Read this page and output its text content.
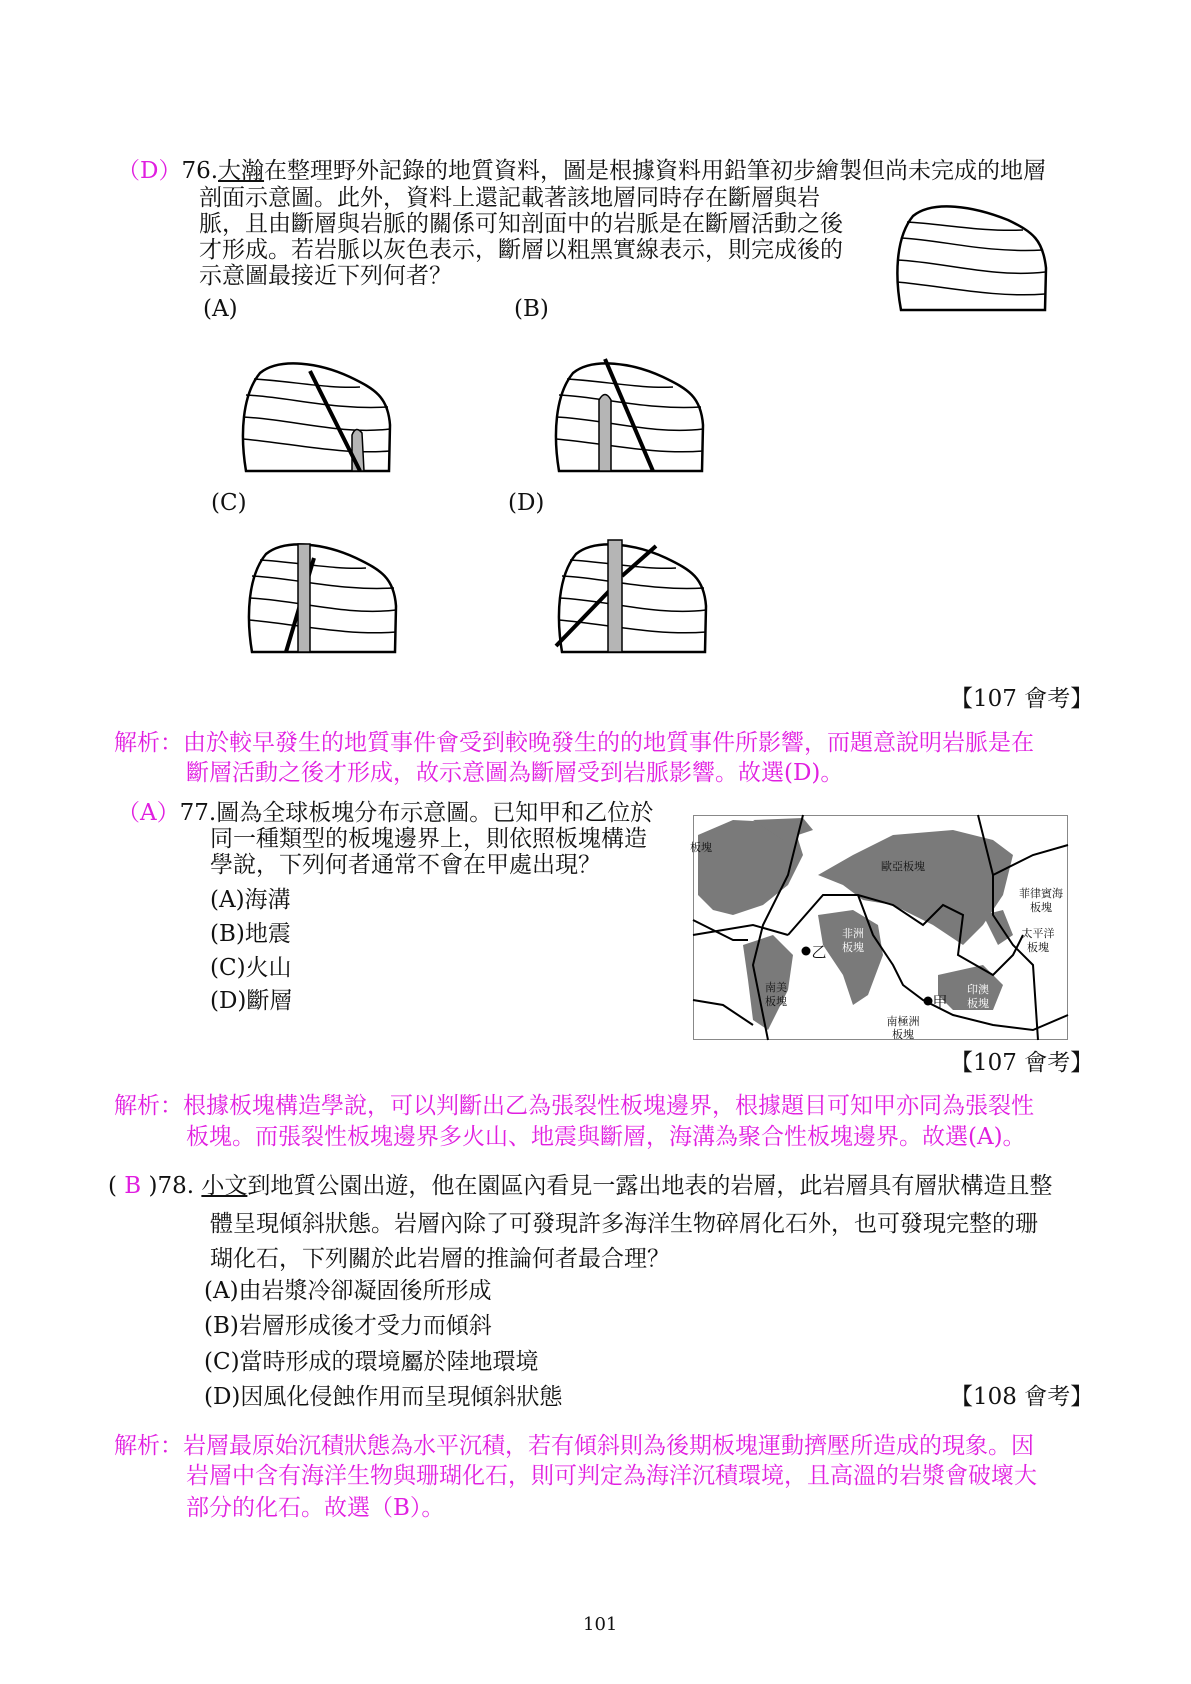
（D）76.大瀚在整理野外記錄的地質資料，圖是根據資料用鉛筆初步繪製但尚未完成的地層
剖面示意圖。此外，資料上還記載著該地層同時存在斷層與岩
脈，且由斷層與岩脈的關係可知剖面中的岩脈是在斷層活動之後
才形成。若岩脈以灰色表示，斷層以粗黑實線表示，則完成後的
示意圖最接近下列何者？
(A)	(B)
(C)	(D)
【107 會考】
解析：由於較早發生的地質事件會受到較晚發生的的地質事件所影響，而題意說明岩脈是在
斷層活動之後才形成，故示意圖為斷層受到岩脈影響。故選(D)。
（A）77.圖為全球板塊分布示意圖。已知甲和乙位於
同一種類型的板塊邊界上，則依照板塊構造
學說，下列何者通常不會在甲處出現？
(A)海溝
(B)地震
(C)火山
(D)斷層
板塊
歐亞板塊
菲律賓海
板塊
太平洋
板塊
非洲
板塊
南美
板塊
印澳
板塊
南極洲
板塊
甲
乙
【107 會考】
解析：根據板塊構造學說，可以判斷出乙為張裂性板塊邊界，根據題目可知甲亦同為張裂性
板塊。而張裂性板塊邊界多火山、地震與斷層，海溝為聚合性板塊邊界。故選(A)。
( B )78. 小文到地質公園出遊，他在園區內看見一露出地表的岩層，此岩層具有層狀構造且整
體呈現傾斜狀態。岩層內除了可發現許多海洋生物碎屑化石外，也可發現完整的珊
瑚化石，下列關於此岩層的推論何者最合理？
(A)由岩漿冷卻凝固後所形成
(B)岩層形成後才受力而傾斜
(C)當時形成的環境屬於陸地環境
(D)因風化侵蝕作用而呈現傾斜狀態	【108 會考】
解析：岩層最原始沉積狀態為水平沉積，若有傾斜則為後期板塊運動擠壓所造成的現象。因
岩層中含有海洋生物與珊瑚化石，則可判定為海洋沉積環境，且高溫的岩漿會破壞大
部分的化石。故選（B）。
101
